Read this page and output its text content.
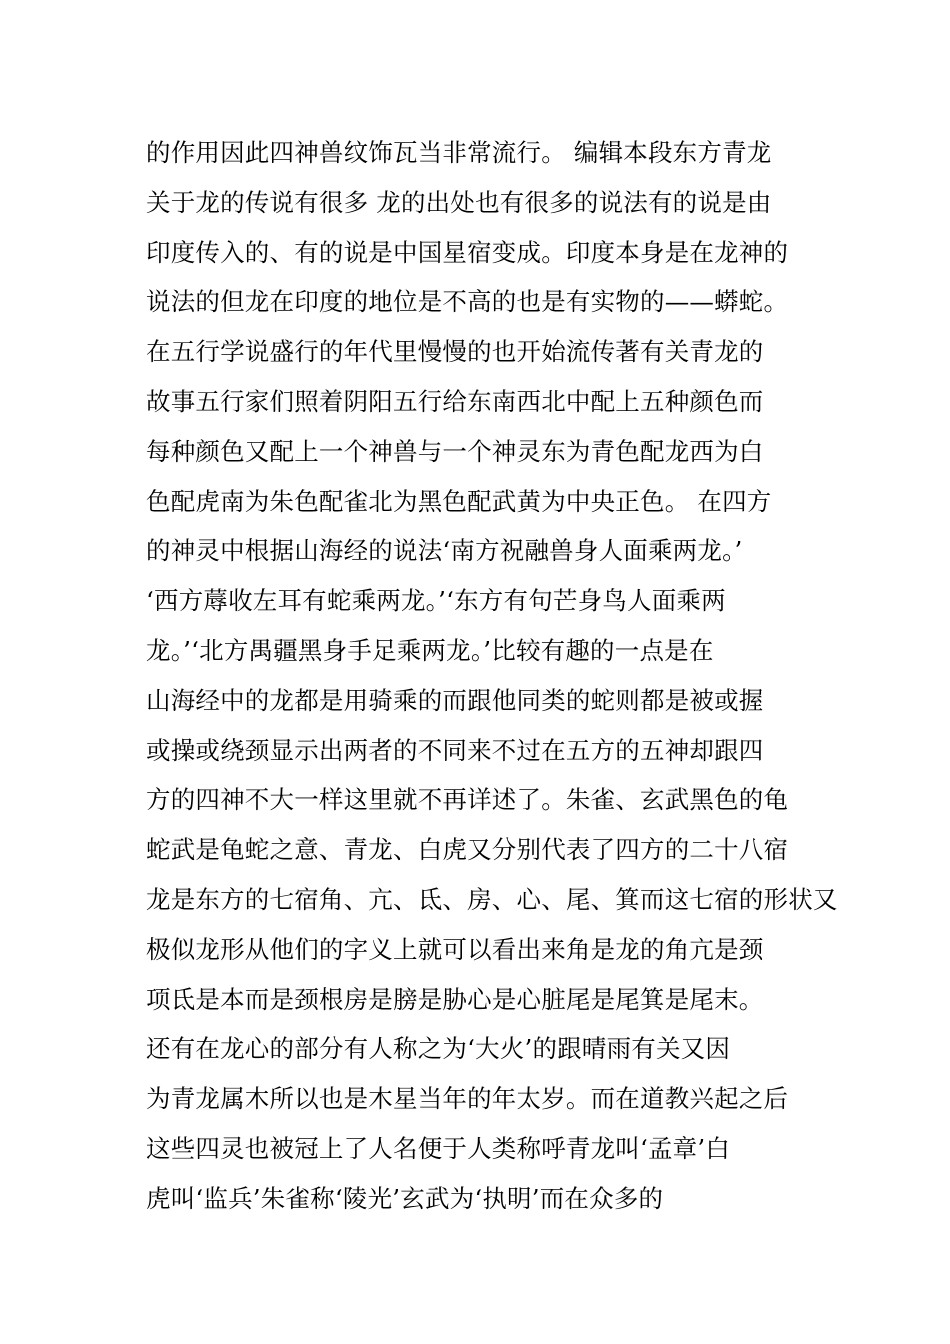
的作用因此四神兽纹饰瓦当非常流行。 编辑本段东方青龙
关于龙的传说有很多 龙的出处也有很多的说法有的说是由
印度传入的、有的说是中国星宿变成。印度本身是在龙神的
说法的但龙在印度的地位是不高的也是有实物的——蟒蛇。
在五行学说盛行的年代里慢慢的也开始流传著有关青龙的
故事五行家们照着阴阳五行给东南西北中配上五种颜色而
每种颜色又配上一个神兽与一个神灵东为青色配龙西为白
色配虎南为朱色配雀北为黑色配武黄为中央正色。 在四方
的神灵中根据山海经的说法‘南方祝融兽身人面乘两龙。’
‘西方蓐收左耳有蛇乘两龙。’‘东方有句芒身鸟人面乘两
龙。’‘北方禺疆黑身手足乘两龙。’比较有趣的一点是在
山海经中的龙都是用骑乘的而跟他同类的蛇则都是被或握
或操或绕颈显示出两者的不同来不过在五方的五神却跟四
方的四神不大一样这里就不再详述了。朱雀、玄武黑色的龟
蛇武是龟蛇之意、青龙、白虎又分别代表了四方的二十八宿
龙是东方的七宿角、亢、氐、房、心、尾、箕而这七宿的形状又
极似龙形从他们的字义上就可以看出来角是龙的角亢是颈
项氐是本而是颈根房是膀是胁心是心脏尾是尾箕是尾末。
还有在龙心的部分有人称之为‘大火’的跟晴雨有关又因
为青龙属木所以也是木星当年的年太岁。而在道教兴起之后
这些四灵也被冠上了人名便于人类称呼青龙叫‘孟章’白
虎叫‘监兵’朱雀称‘陵光’玄武为‘执明’而在众多的
